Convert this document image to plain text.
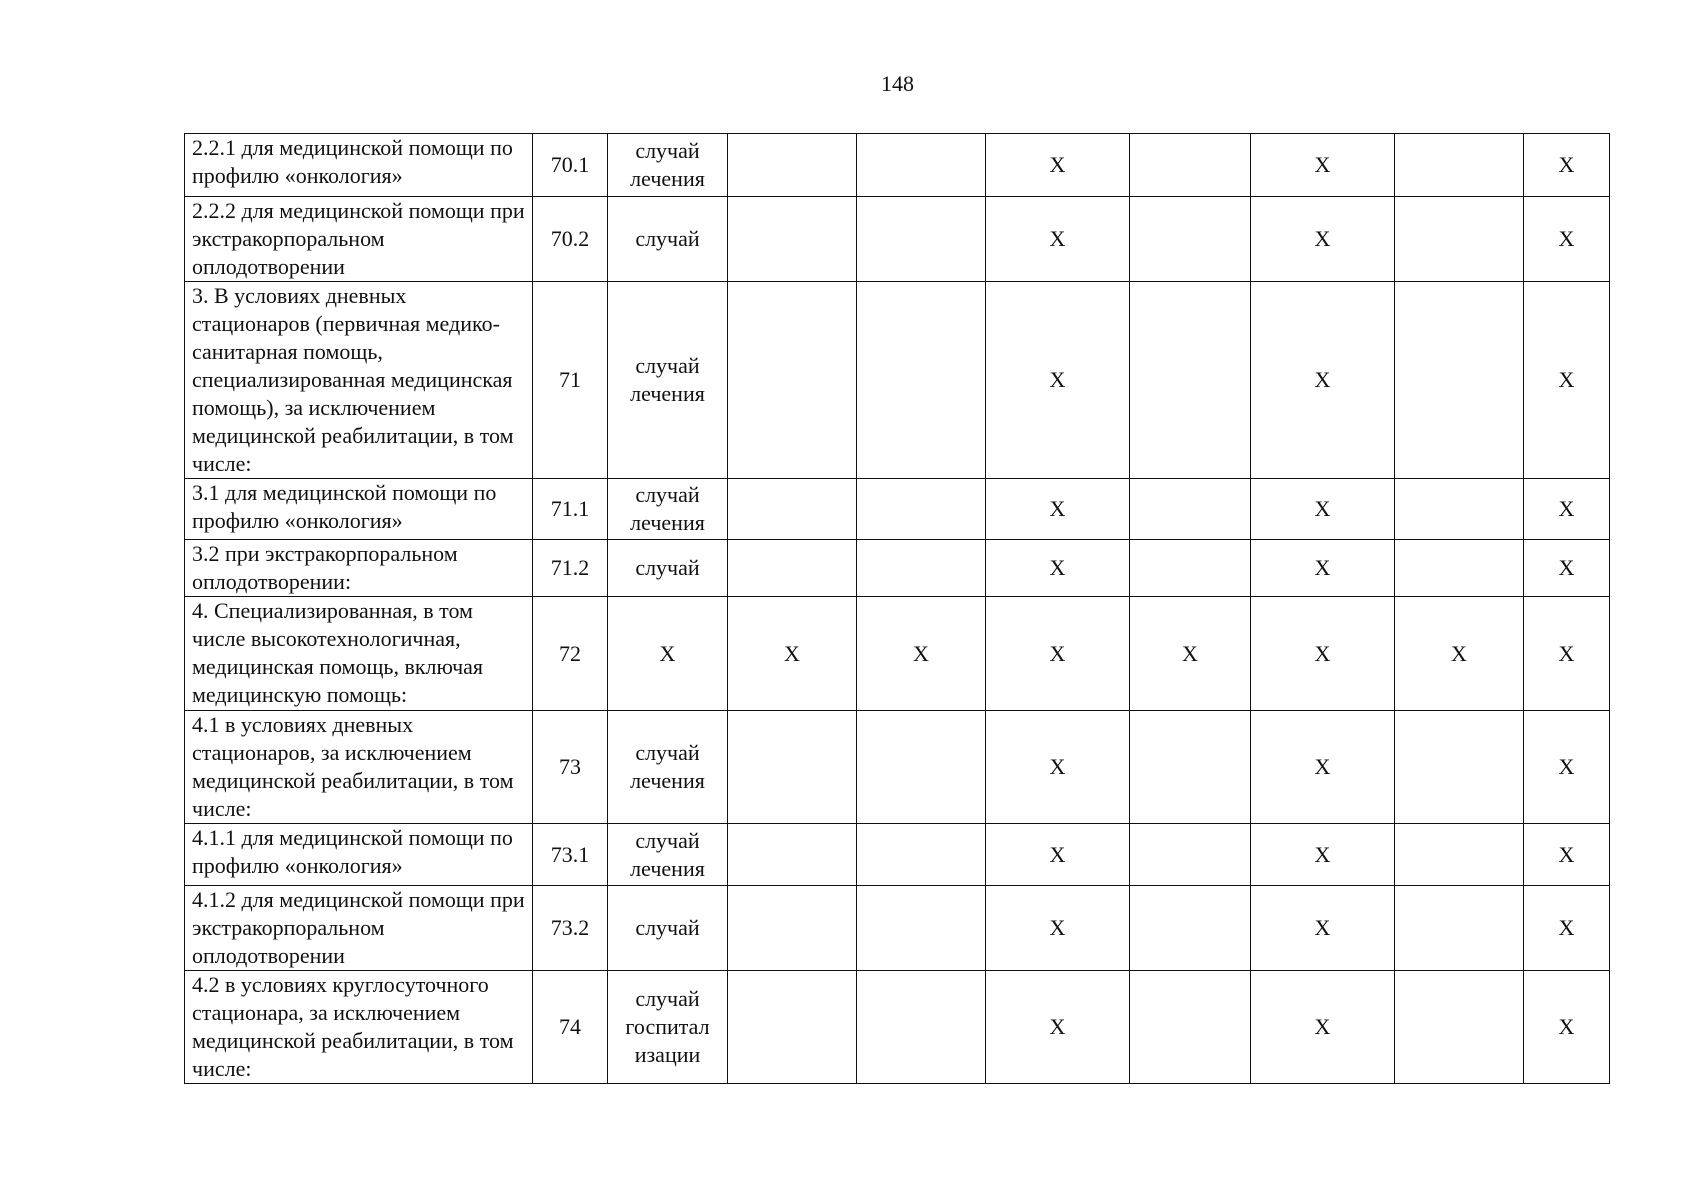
148
2.2.1 для медицинской помощи по профилю «онкология»	70.1	случай лечения			X		X		X
2.2.2 для медицинской помощи при экстракорпоральном оплодотворении	70.2	случай			X		X		X
3. В условиях дневных стационаров (первичная медико-санитарная помощь, специализированная медицинская помощь), за исключением медицинской реабилитации, в том числе:	71	случай лечения			X		X		X
3.1 для медицинской помощи по профилю «онкология»	71.1	случай лечения			X		X		X
3.2 при экстракорпоральном оплодотворении:	71.2	случай			X		X		X
4. Специализированная, в том числе высокотехнологичная, медицинская помощь, включая медицинскую помощь:	72	X	X	X	X	X	X	X	X
4.1 в условиях дневных стационаров, за исключением медицинской реабилитации, в том числе:	73	случай лечения			X		X		X
4.1.1 для медицинской помощи по профилю «онкология»	73.1	случай лечения			X		X		X
4.1.2 для медицинской помощи при экстракорпоральном оплодотворении	73.2	случай			X		X		X
4.2 в условиях круглосуточного стационара, за исключением медицинской реабилитации, в том числе:	74	случай госпитал изации			X		X		X
